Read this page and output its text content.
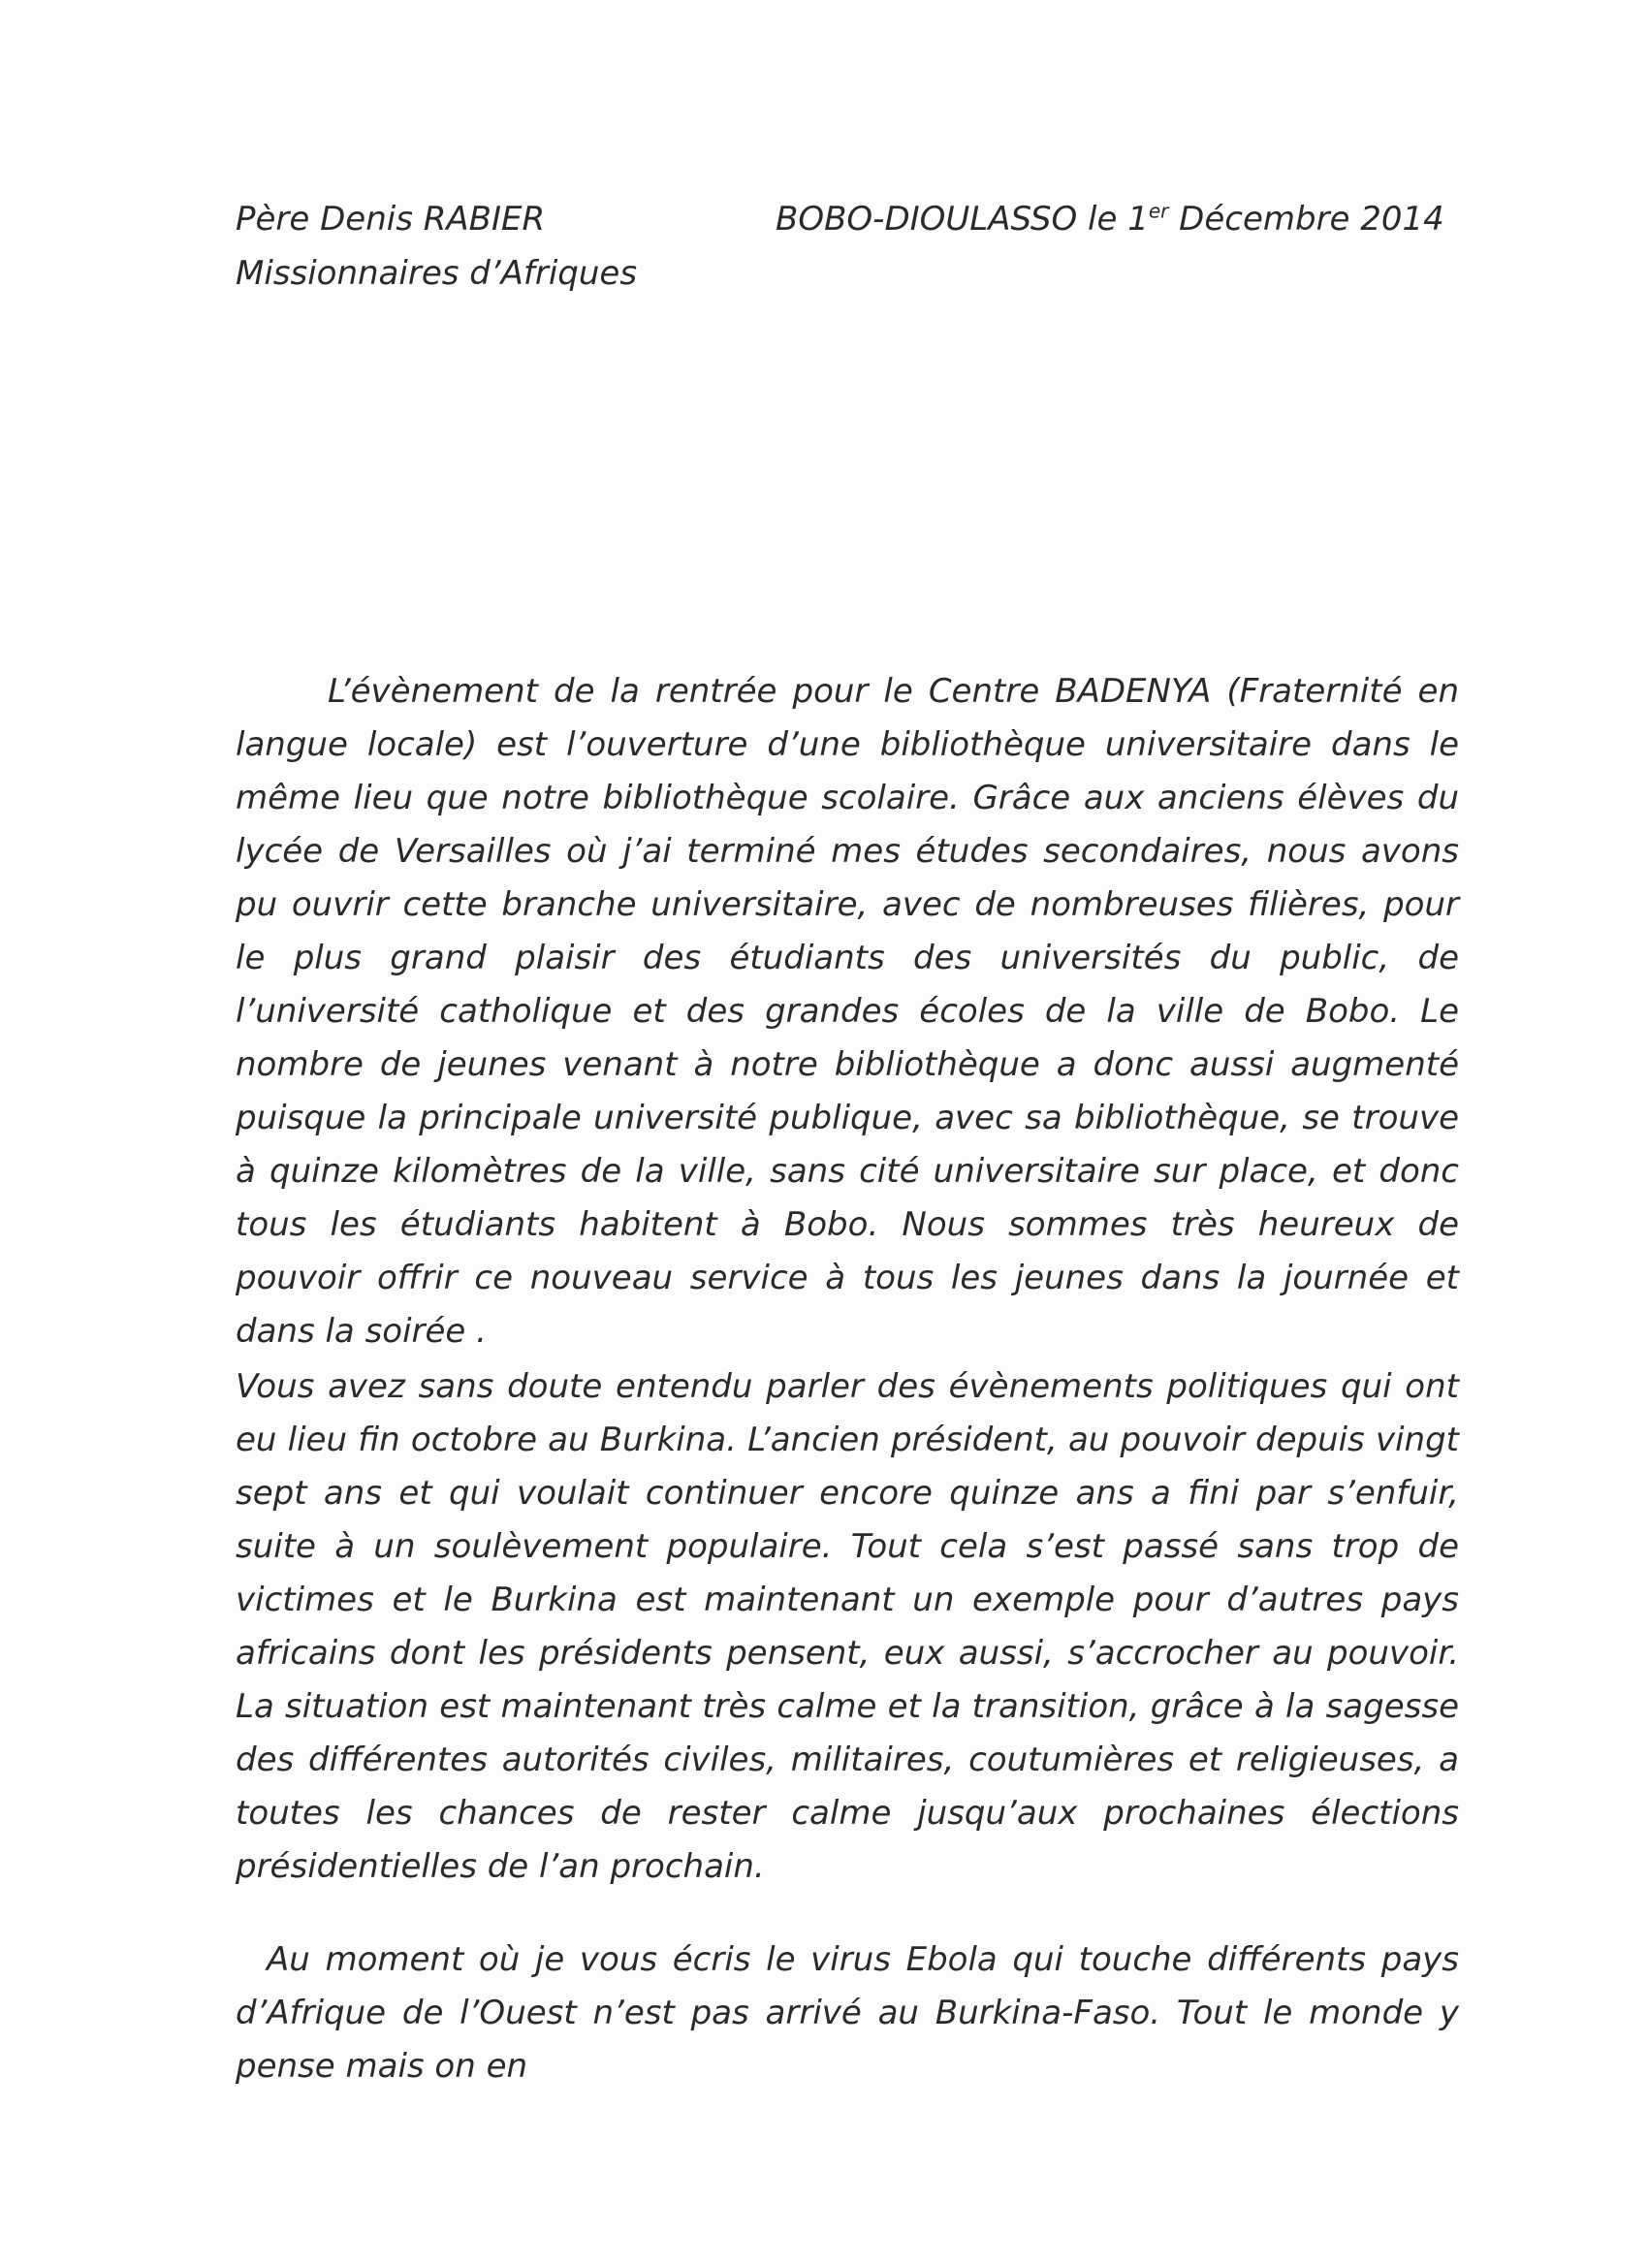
Père Denis RABIER
Missionnaires d’Afriques
BOBO-DIOULASSO le 1er Décembre 2014

L’évènement de la rentrée pour le Centre BADENYA (Fraternité en langue locale) est l’ouverture d’une bibliothèque universitaire dans le même lieu que notre bibliothèque scolaire. Grâce aux anciens élèves du lycée de Versailles où j’ai terminé mes études secondaires, nous avons pu ouvrir cette branche universitaire, avec de nombreuses filières, pour le plus grand plaisir des étudiants des universités du public, de l’université catholique et des grandes écoles de la ville de Bobo. Le nombre de jeunes venant à notre bibliothèque a donc aussi augmenté puisque la principale université publique, avec sa bibliothèque, se trouve à quinze kilomètres de la ville, sans cité universitaire sur place, et donc tous les étudiants habitent à Bobo. Nous sommes très heureux de pouvoir offrir ce nouveau service à tous les jeunes dans la journée et dans la soirée .

Vous avez sans doute entendu parler des évènements politiques qui ont eu lieu fin octobre au Burkina. L’ancien président, au pouvoir depuis vingt sept ans et qui voulait continuer encore quinze ans a fini par s’enfuir, suite à un soulèvement populaire. Tout cela s’est passé sans trop de victimes et le Burkina est maintenant un exemple pour d’autres pays africains dont les présidents pensent, eux aussi, s’accrocher au pouvoir. La situation est maintenant très calme et la transition, grâce à la sagesse des différentes autorités civiles, militaires, coutumières et religieuses, a toutes les chances de rester calme jusqu’aux prochaines élections présidentielles de l’an prochain.

Au moment où je vous écris le virus Ebola qui touche différents pays d’Afrique de l’Ouest n’est pas arrivé au Burkina-Faso. Tout le monde y pense mais on en
